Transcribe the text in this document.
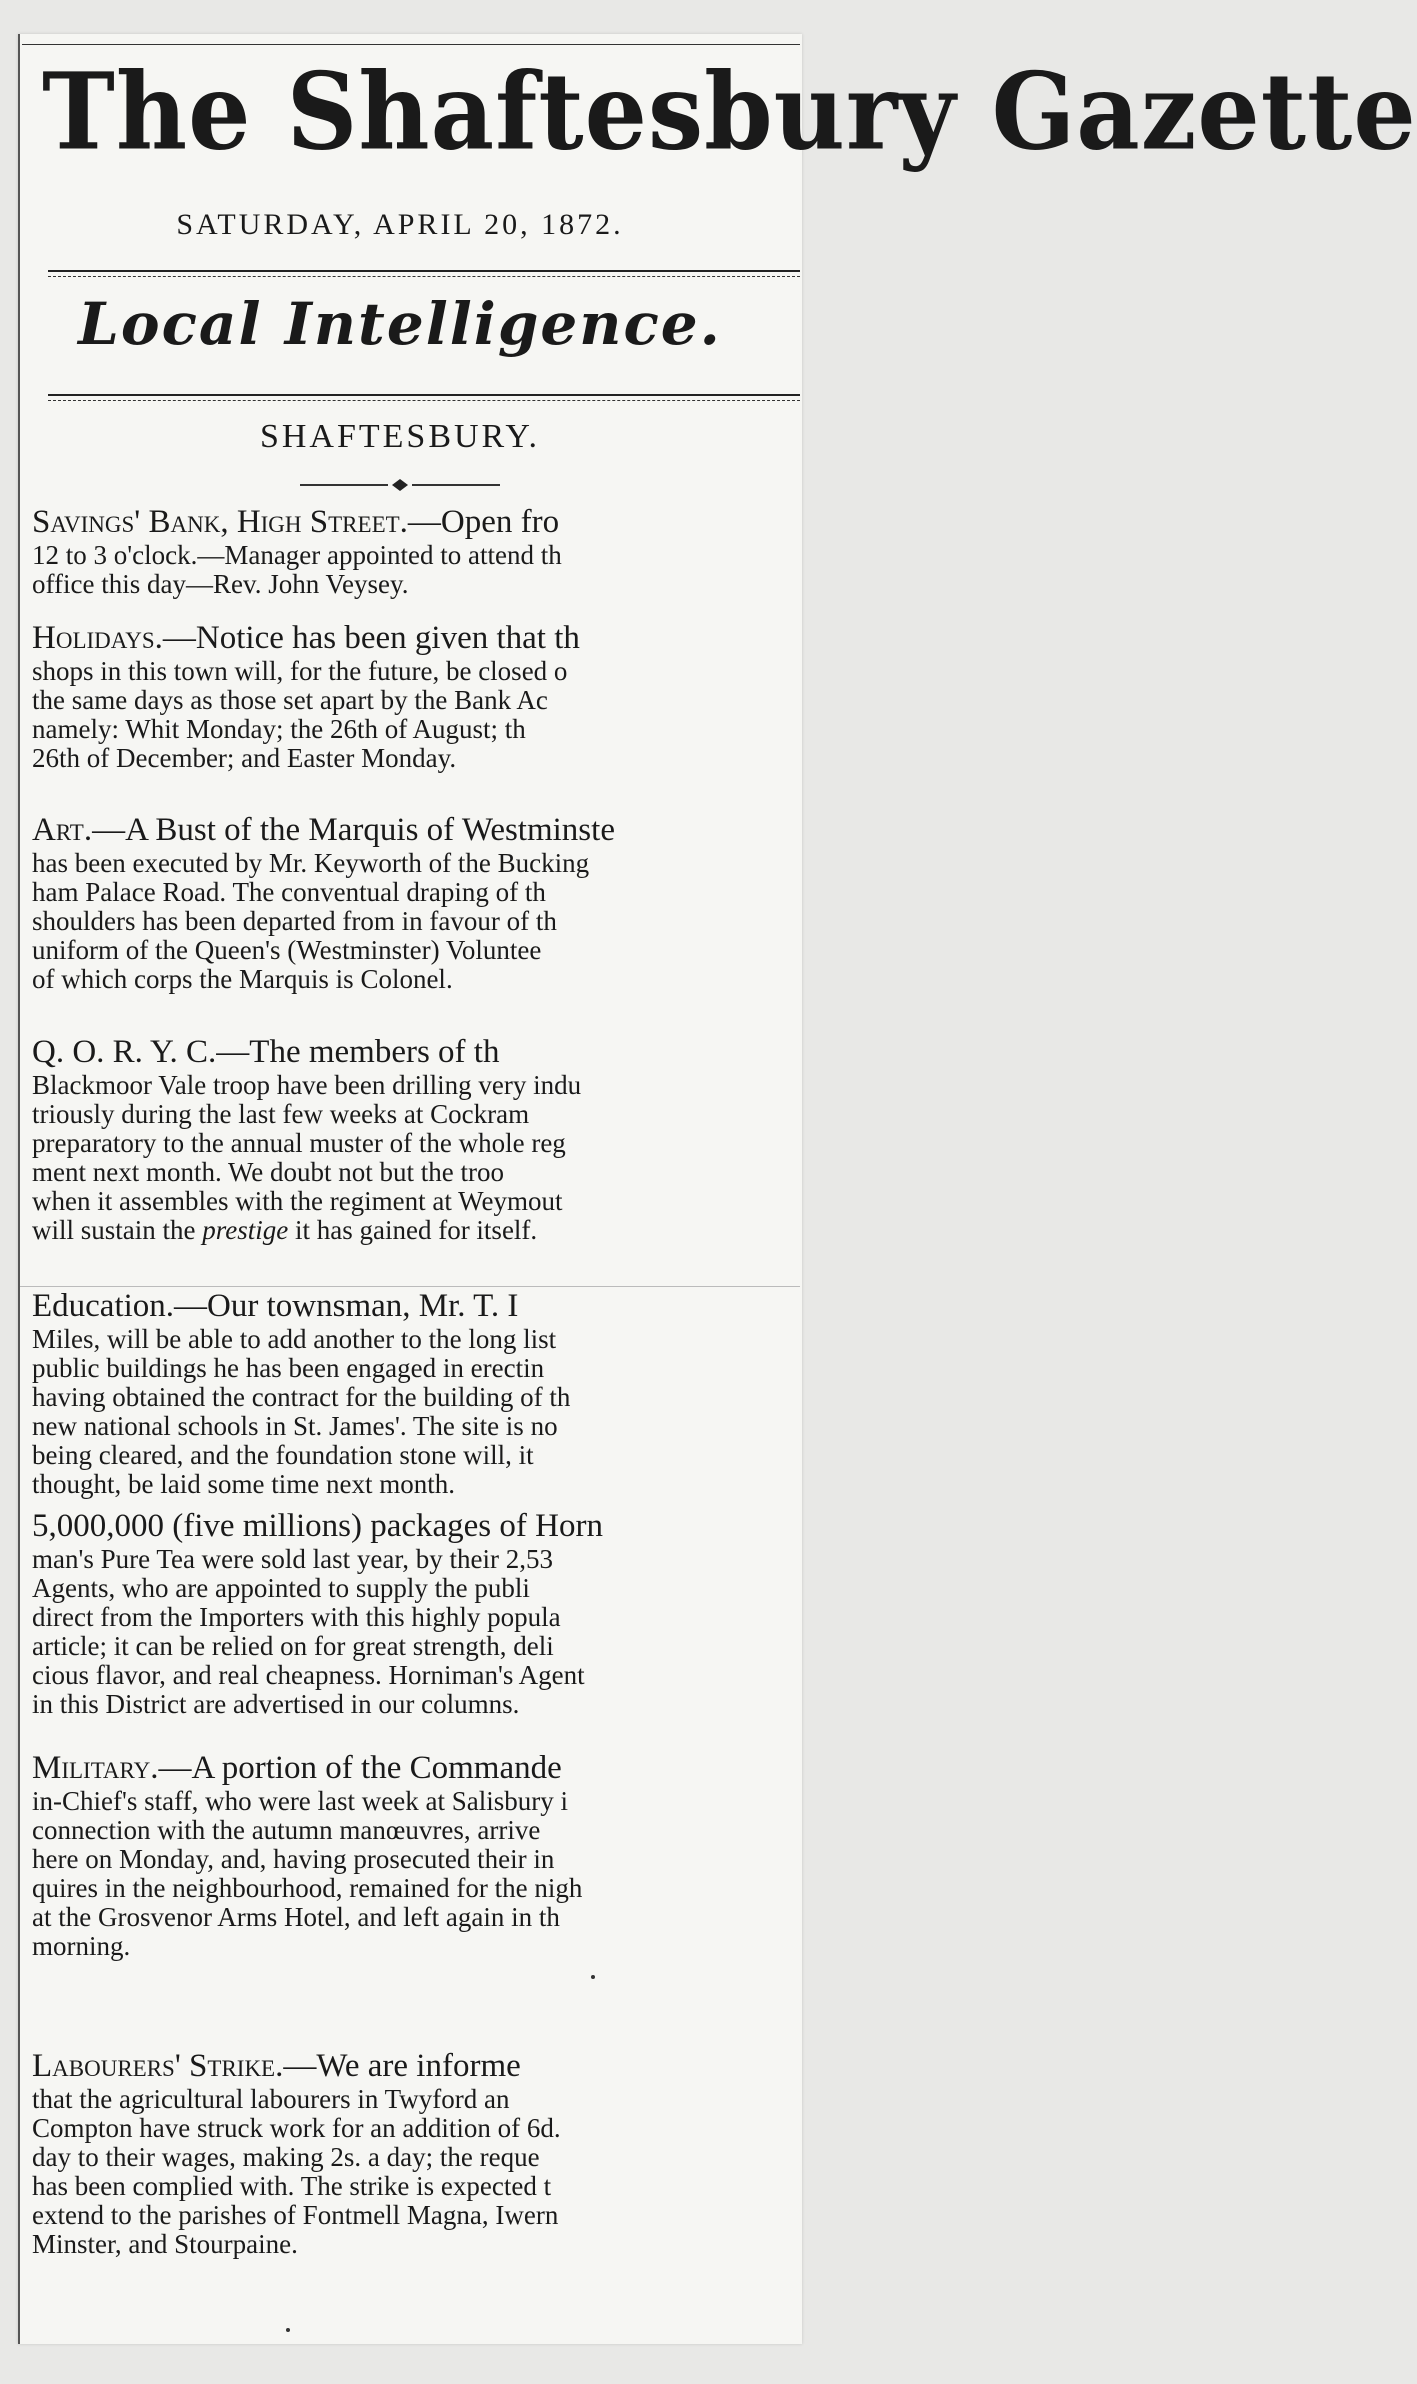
The Shaftesbury Gazette
SATURDAY, APRIL 20, 1872.
Local Intelligence.
SHAFTESBURY.
Savings' Bank, High Street.—Open fro
12 to 3 o'clock.—Manager appointed to attend th
office this day—Rev. John Veysey.
Holidays.—Notice has been given that th
shops in this town will, for the future, be closed o
the same days as those set apart by the Bank Ac
namely: Whit Monday; the 26th of August; th
26th of December; and Easter Monday.
Art.—A Bust of the Marquis of Westminste
has been executed by Mr. Keyworth of the Bucking
ham Palace Road. The conventual draping of th
shoulders has been departed from in favour of th
uniform of the Queen's (Westminster) Voluntee
of which corps the Marquis is Colonel.
Q. O. R. Y. C.—The members of th
Blackmoor Vale troop have been drilling very indu
triously during the last few weeks at Cockram
preparatory to the annual muster of the whole reg
ment next month. We doubt not but the troo
when it assembles with the regiment at Weymout
will sustain the prestige it has gained for itself.
Education.—Our townsman, Mr. T. I
Miles, will be able to add another to the long list
public buildings he has been engaged in erectin
having obtained the contract for the building of th
new national schools in St. James'. The site is no
being cleared, and the foundation stone will, it
thought, be laid some time next month.
5,000,000 (five millions) packages of Horn
man's Pure Tea were sold last year, by their 2,53
Agents, who are appointed to supply the publi
direct from the Importers with this highly popula
article; it can be relied on for great strength, deli
cious flavor, and real cheapness. Horniman's Agent
in this District are advertised in our columns.
Military.—A portion of the Commande
in-Chief's staff, who were last week at Salisbury i
connection with the autumn manœuvres, arrive
here on Monday, and, having prosecuted their in
quires in the neighbourhood, remained for the nigh
at the Grosvenor Arms Hotel, and left again in th
morning.
Labourers' Strike.—We are informe
that the agricultural labourers in Twyford an
Compton have struck work for an addition of 6d.
day to their wages, making 2s. a day; the reque
has been complied with. The strike is expected t
extend to the parishes of Fontmell Magna, Iwern
Minster, and Stourpaine.
